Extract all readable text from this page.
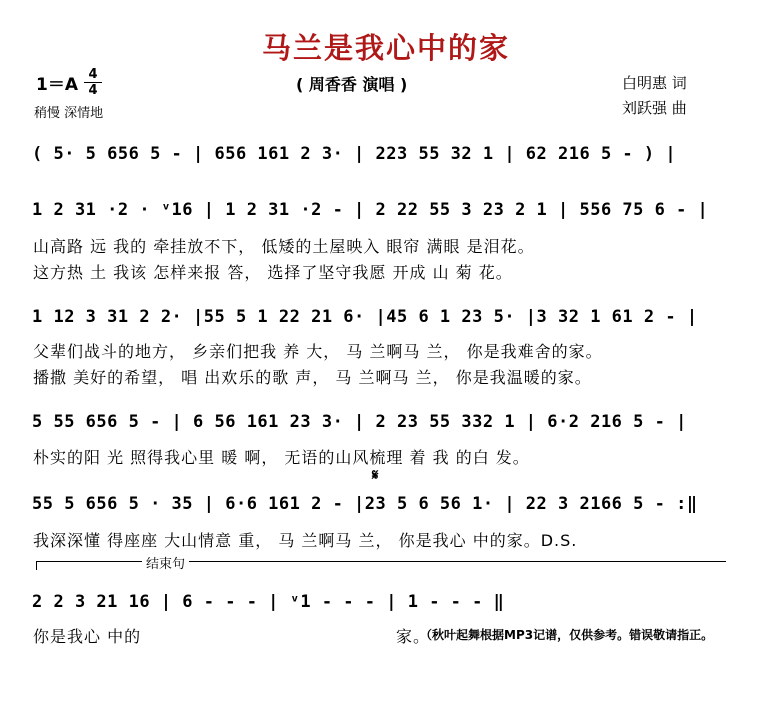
马兰是我心中的家
1＝A
4
4
稍慢 深情地
( 周香香 演唱 )	白明惠 词
刘跃强 曲
( 5· 5 656 5 - | 656 161 2 3· | 223 55 32 1 | 62 216 5 - ) |
1 2 31 ·2 · ᵛ16 | 1 2 31 ·2 - | 2 22 55 3 23 2 1 | 556 75 6 - |
山高路 远 我的 牵挂放不下， 低矮的土屋映入 眼帘 满眼 是泪花。
这方热 土 我该 怎样来报 答， 选择了坚守我愿 开成 山 菊 花。
1 12 3 31 2 2· |55 5 1 22 21 6· |45 6 1 23 5· |3 32 1 61 2 - |
父辈们战斗的地方， 乡亲们把我 养 大， 马 兰啊马 兰， 你是我难舍的家。
播撒 美好的希望， 唱 出欢乐的歌 声， 马 兰啊马 兰， 你是我温暖的家。
5 55 656 5 - | 6 56 161 23 3· | 2 23 55 332 1 | 6·2 216 5 - |
朴实的阳 光 照得我心里 暖 啊， 无语的山风梳理 着 我 的白 发。
𝄋
55 5 656 5 · 35 | 6·6 161 2 - |23 5 6 56 1· | 22 3 2166 5 - :‖
我深深懂 得座座 大山情意 重， 马 兰啊马 兰， 你是我心 中的家。D.S.
结束句
2 2 3 21 16 | 6 - - - | ᵛ1 - - - | 1 - - - ‖
你是我心 中的	家。
（秋叶起舞根据MP3记谱，仅供参考。错误敬请指正。
